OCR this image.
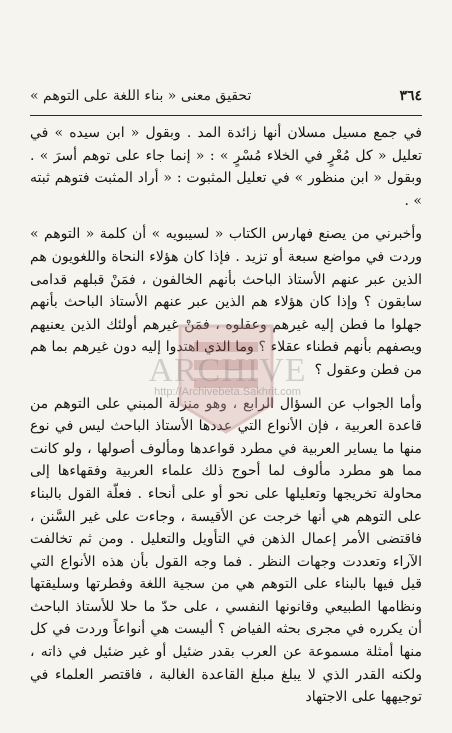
٣٦٤
تحقيق معنى « بناء اللغة على التوهم »

في جمع مسيل مسلان أنها زائدة المد . وبقول « ابن سيده » في تعليل « كل مُعْرٍ في الخلاء مُسْرٍ » : « إنما جاء على توهم أسرَ » . وبقول « ابن منظور » في تعليل المثبوت : « أراد المثبت فتوهم ثبته » .

وأخبرني من يصنع فهارس الكتاب « لسيبويه » أن كلمة « التوهم » وردت في مواضع سبعة أو تزيد . فإذا كان هؤلاء النحاة واللغويون هم الذين عبر عنهم الأستاذ الباحث بأنهم الخالفون ، فمَنْ قبلهم قدامى سابقون ؟ وإذا كان هؤلاء هم الذين عبر عنهم الأستاذ الباحث بأنهم جهلوا ما فطن إليه غيرهم وعقلوه ، فمَنْ غيرهم أولئك الذين يعنيهم ويصفهم بأنهم فطناء عقلاء ؟ وما الذي اهتدوا إليه دون غيرهم بما هم من فطن وعقول ؟

وأما الجواب عن السؤال الرابع ، وهو منزلة المبني على التوهم من قاعدة العربية ، فإن الأنواع التي عددها الأستاذ الباحث ليس في نوع منها ما يساير العربية في مطرد قواعدها ومألوف أصولها ، ولو كانت مما هو مطرد مألوف لما أحوج ذلك علماء العربية وفقهاءها إلى محاولة تخريجها وتعليلها على نحو أو على أنحاء . فعلّة القول بالبناء على التوهم هي أنها خرجت عن الأقيسة ، وجاءت على غير السَّنن ، فاقتضى الأمر إعمال الذهن في التأويل والتعليل . ومن ثم تخالفت الآراء وتعددت وجهات النظر . فما وجه القول بأن هذه الأنواع التي قيل فيها بالبناء على التوهم هي من سجية اللغة وفطرتها وسليقتها ونظامها الطبيعي وقانونها النفسي ، على حدّ ما حلا للأستاذ الباحث أن يكرره في مجرى بحثه الفياض ؟ أليست هي أنواعاً وردت في كل منها أمثلة مسموعة عن العرب بقدر ضئيل أو غير ضئيل في ذاته ، ولكنه القدر الذي لا يبلغ مبلغ القاعدة الغالبة ، فاقتصر العلماء في توجيهها على الاجتهاد

ARCHIVE
http://Archivebeta.Sakhrit.com
